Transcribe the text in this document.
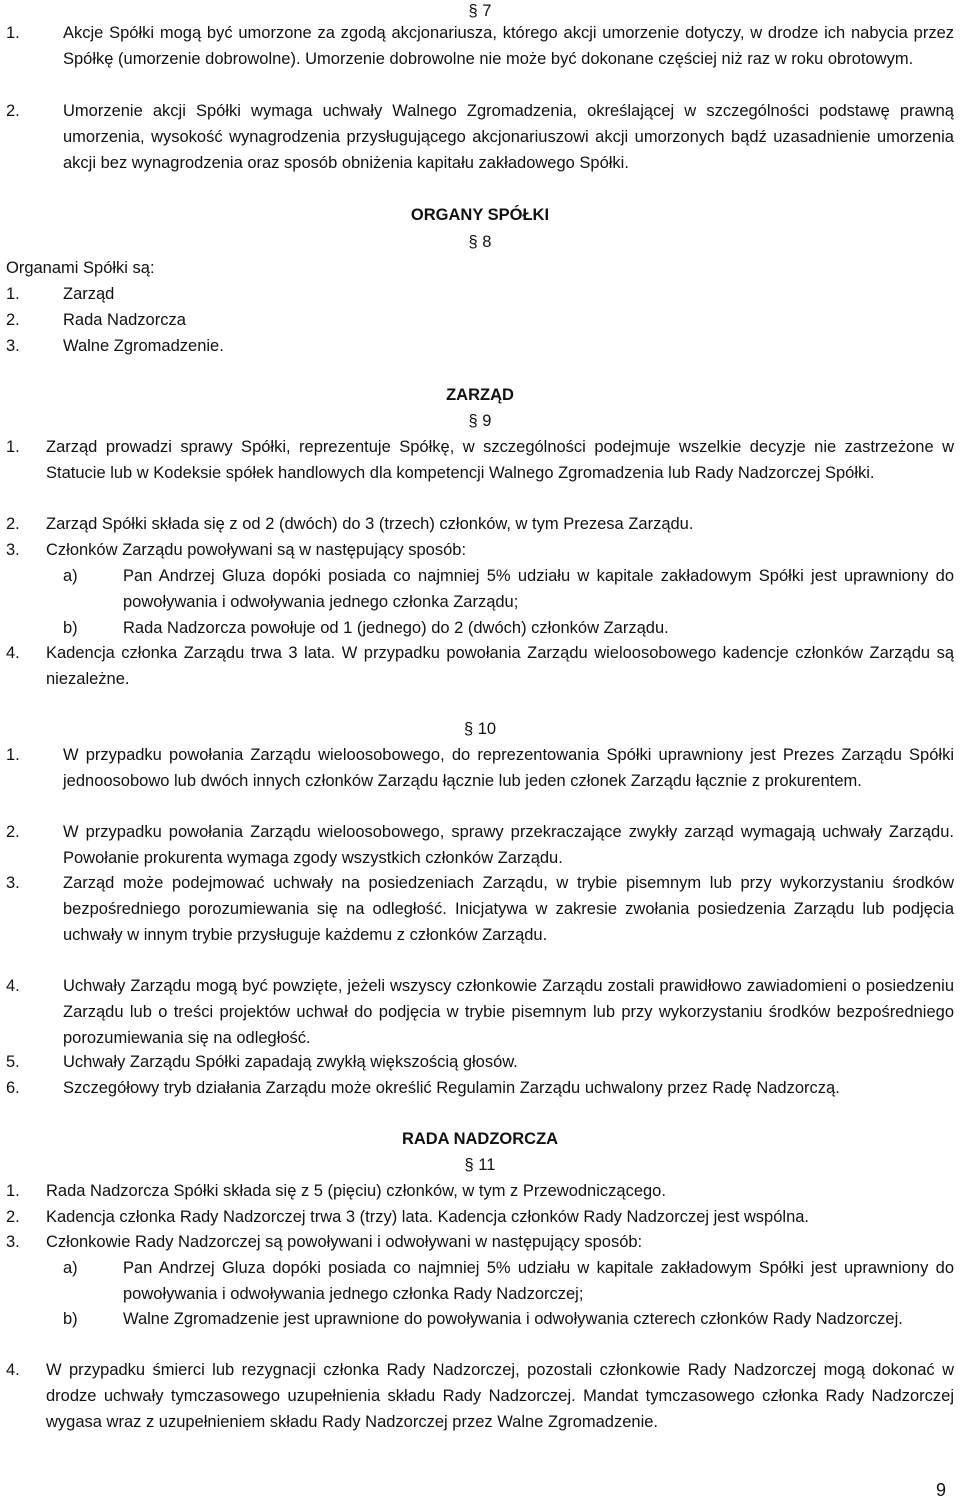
§ 7
1.	Akcje Spółki mogą być umorzone za zgodą akcjonariusza, którego akcji umorzenie dotyczy, w drodze ich nabycia przez Spółkę (umorzenie dobrowolne). Umorzenie dobrowolne nie może być dokonane częściej niż raz w roku obrotowym.
2.	Umorzenie akcji Spółki wymaga uchwały Walnego Zgromadzenia, określającej w szczególności podstawę prawną umorzenia, wysokość wynagrodzenia przysługującego akcjonariuszowi akcji umorzonych bądź uzasadnienie umorzenia akcji bez wynagrodzenia oraz sposób obniżenia kapitału zakładowego Spółki.
ORGANY SPÓŁKI
§ 8
Organami Spółki są:
1.	Zarząd
2.	Rada Nadzorcza
3.	Walne Zgromadzenie.
ZARZĄD
§ 9
1.	Zarząd prowadzi sprawy Spółki, reprezentuje Spółkę, w szczególności podejmuje wszelkie decyzje nie zastrzeżone w Statucie lub w Kodeksie spółek handlowych dla kompetencji Walnego Zgromadzenia lub Rady Nadzorczej Spółki.
2.	Zarząd Spółki składa się z od 2 (dwóch) do 3 (trzech) członków, w tym Prezesa Zarządu.
3.	Członków Zarządu powoływani są w następujący sposób:
a)	Pan Andrzej Gluza dopóki posiada co najmniej 5% udziału w kapitale zakładowym Spółki jest uprawniony do powoływania i odwoływania jednego członka Zarządu;
b)	Rada Nadzorcza powołuje od 1 (jednego) do 2 (dwóch) członków Zarządu.
4.	Kadencja członka Zarządu trwa 3 lata. W przypadku powołania Zarządu wieloosobowego kadencje członków Zarządu są niezależne.
§ 10
1.	W przypadku powołania Zarządu wieloosobowego, do reprezentowania Spółki uprawniony jest Prezes Zarządu Spółki jednoosobowo lub dwóch innych członków Zarządu łącznie lub jeden członek Zarządu łącznie z prokurentem.
2.	W przypadku powołania Zarządu wieloosobowego, sprawy przekraczające zwykły zarząd wymagają uchwały Zarządu. Powołanie prokurenta wymaga zgody wszystkich członków Zarządu.
3.	Zarząd może podejmować uchwały na posiedzeniach Zarządu, w trybie pisemnym lub przy wykorzystaniu środków bezpośredniego porozumiewania się na odległość. Inicjatywa w zakresie zwołania posiedzenia Zarządu lub podjęcia uchwały w innym trybie przysługuje każdemu z członków Zarządu.
4.	Uchwały Zarządu mogą być powzięte, jeżeli wszyscy członkowie Zarządu zostali prawidłowo zawiadomieni o posiedzeniu Zarządu lub o treści projektów uchwał do podjęcia w trybie pisemnym lub przy wykorzystaniu środków bezpośredniego porozumiewania się na odległość.
5.	Uchwały Zarządu Spółki zapadają zwykłą większością głosów.
6.	Szczegółowy tryb działania Zarządu może określić Regulamin Zarządu uchwalony przez Radę Nadzorczą.
RADA NADZORCZA
§ 11
1.	Rada Nadzorcza Spółki składa się z 5 (pięciu) członków, w tym z Przewodniczącego.
2.	Kadencja członka Rady Nadzorczej trwa 3 (trzy) lata. Kadencja członków Rady Nadzorczej jest wspólna.
3.	Członkowie Rady Nadzorczej są powoływani i odwoływani w następujący sposób:
a)	Pan Andrzej Gluza dopóki posiada co najmniej 5% udziału w kapitale zakładowym Spółki jest uprawniony do powoływania i odwoływania jednego członka Rady Nadzorczej;
b)	Walne Zgromadzenie jest uprawnione do powoływania i odwoływania czterech członków Rady Nadzorczej.
4.	W przypadku śmierci lub rezygnacji członka Rady Nadzorczej, pozostali członkowie Rady Nadzorczej mogą dokonać w drodze uchwały tymczasowego uzupełnienia składu Rady Nadzorczej. Mandat tymczasowego członka Rady Nadzorczej wygasa wraz z uzupełnieniem składu Rady Nadzorczej przez Walne Zgromadzenie.
9
